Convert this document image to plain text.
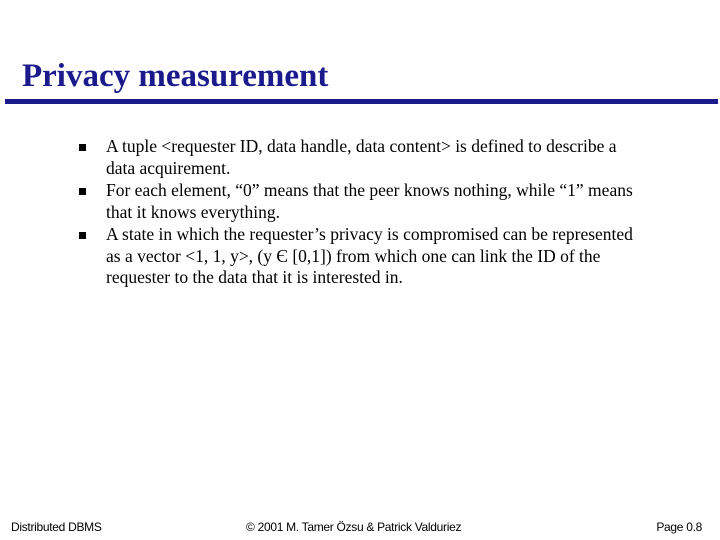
Privacy measurement
A tuple <requester ID, data handle, data content> is defined to describe a data acquirement.
For each element, “0” means that the peer knows nothing, while “1” means that it knows everything.
A state in which the requester’s privacy is compromised can be represented as a vector <1, 1, y>, (y Є [0,1]) from which one can link the ID of the requester to the data that it is interested in.
Distributed DBMS	© 2001 M. Tamer Özsu & Patrick Valduriez	Page 0.8
